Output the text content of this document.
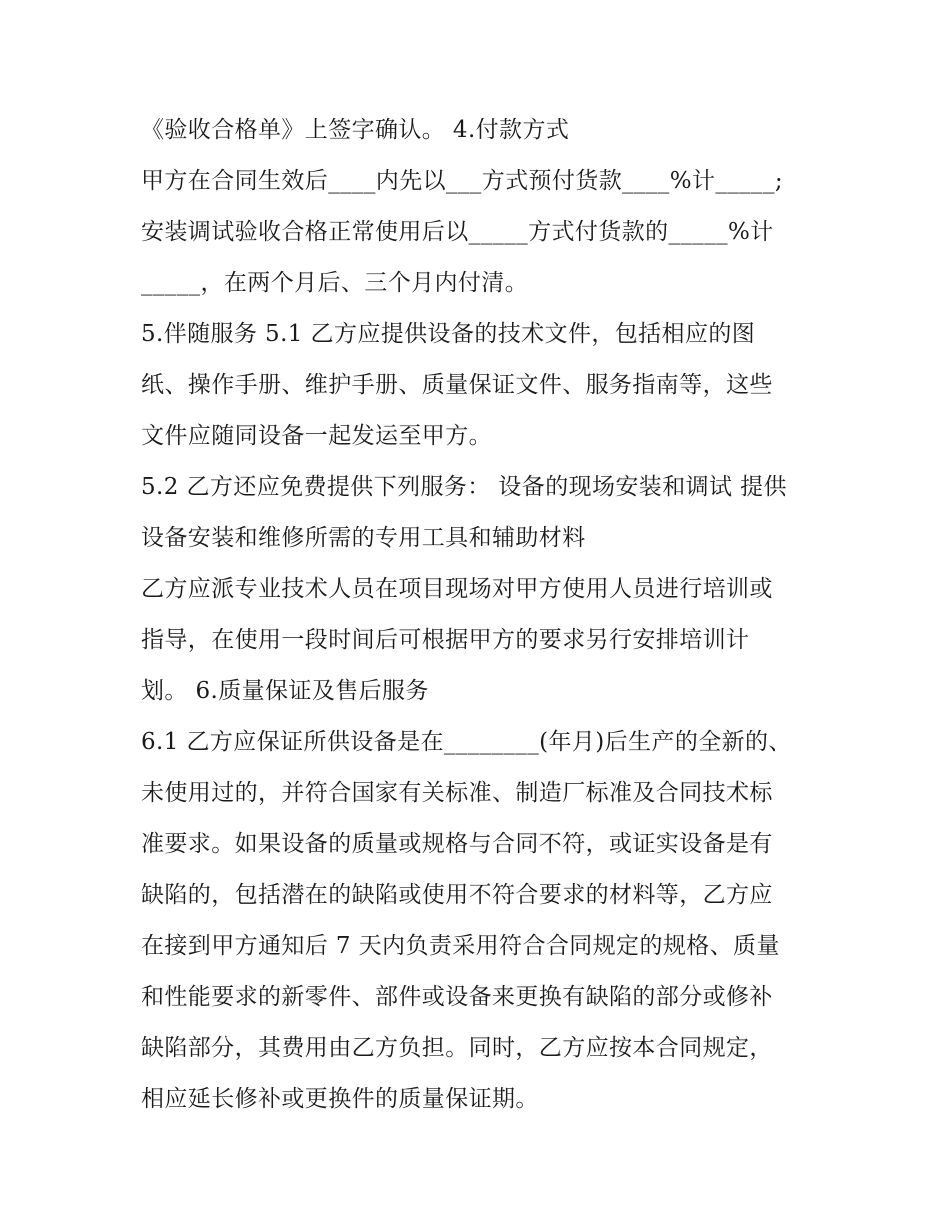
《验收合格单》上签字确认。 4.付款方式
甲方在合同生效后____内先以___方式预付货款____%计_____;
安装调试验收合格正常使用后以_____方式付货款的_____%计
_____，在两个月后、三个月内付清。
5.伴随服务 5.1 乙方应提供设备的技术文件，包括相应的图
纸、操作手册、维护手册、质量保证文件、服务指南等，这些
文件应随同设备一起发运至甲方。
5.2 乙方还应免费提供下列服务： 设备的现场安装和调试 提供
设备安装和维修所需的专用工具和辅助材料
乙方应派专业技术人员在项目现场对甲方使用人员进行培训或
指导，在使用一段时间后可根据甲方的要求另行安排培训计
划。 6.质量保证及售后服务
6.1 乙方应保证所供设备是在________(年月)后生产的全新的、
未使用过的，并符合国家有关标准、制造厂标准及合同技术标
准要求。如果设备的质量或规格与合同不符，或证实设备是有
缺陷的，包括潜在的缺陷或使用不符合要求的材料等，乙方应
在接到甲方通知后 7 天内负责采用符合合同规定的规格、质量
和性能要求的新零件、部件或设备来更换有缺陷的部分或修补
缺陷部分，其费用由乙方负担。同时，乙方应按本合同规定，
相应延长修补或更换件的质量保证期。
